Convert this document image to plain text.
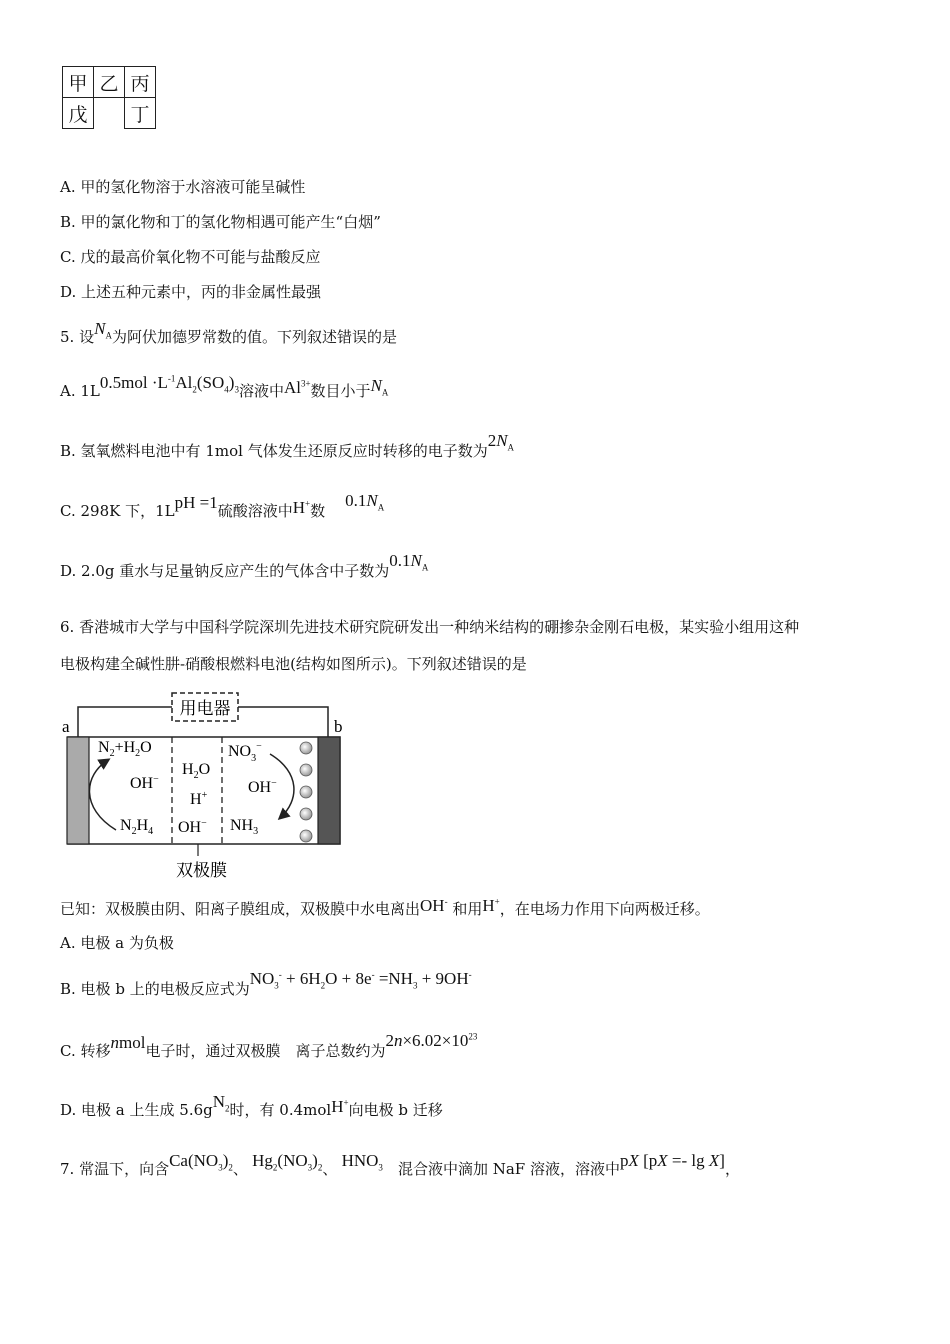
甲	乙	丙
戊		丁
A. 甲的氢化物溶于水溶液可能呈碱性
B. 甲的氯化物和丁的氢化物相遇可能产生“白烟”
C. 戊的最高价氧化物不可能与盐酸反应
D. 上述五种元素中，丙的非金属性最强
5. 设$N_A$为阿伏加德罗常数的值。下列叙述错误的是
A. $1L0.5mol \cdot L^{-1}Al_2(SO_4)_3$溶液中$Al^{3+}$数目小于$N_A$
B. 氢氧燃料电池中有 1mol 气体发生还原反应时转移的电子数为$2N_A$
C. 298K 下，1LpH =1硫酸溶液中H+数$0.1N_A$
D. 2.0g 重水与足量钠反应产生的气体含中子数为$0.1N_A$
6. 香港城市大学与中国科学院深圳先进技术研究院研发出一种纳米结构的硼掺杂金刚石电极，某实验小组用这种
电极构建全碱性肼-硝酸根燃料电池(结构如图所示)。下列叙述错误的是
用电器
a	b
$N_2+H_2O$
OH−
$N_2H_4$
$H_2O$
H+
OH−
$NO_3^-$
OH−
$NH_3$
双极膜
已知：双极膜由阴、阳离子膜组成，双极膜中水电离出OH- 和用H+，在电场力作用下向两极迁移。
A. 电极 a 为负极
B. 电极 b 上的电极反应式为$NO_3^- + 6H_2O + 8e^- =NH_3 + 9OH^-$
C. 转移nmol电子时，通过双极膜　离子总数约为$2n\times 6.02\times 10^{23}$
D. 电极 a 上生成 $5.6gN_2$时，有 0.4molH+向电极 b 迁移
7. 常温下，向含$Ca(NO_3)_2$、 $Hg_2(NO_3)_2$、 $HNO_3$　 混合液中滴加 NaF 溶液，溶液中pX [pX =- lg X]，
